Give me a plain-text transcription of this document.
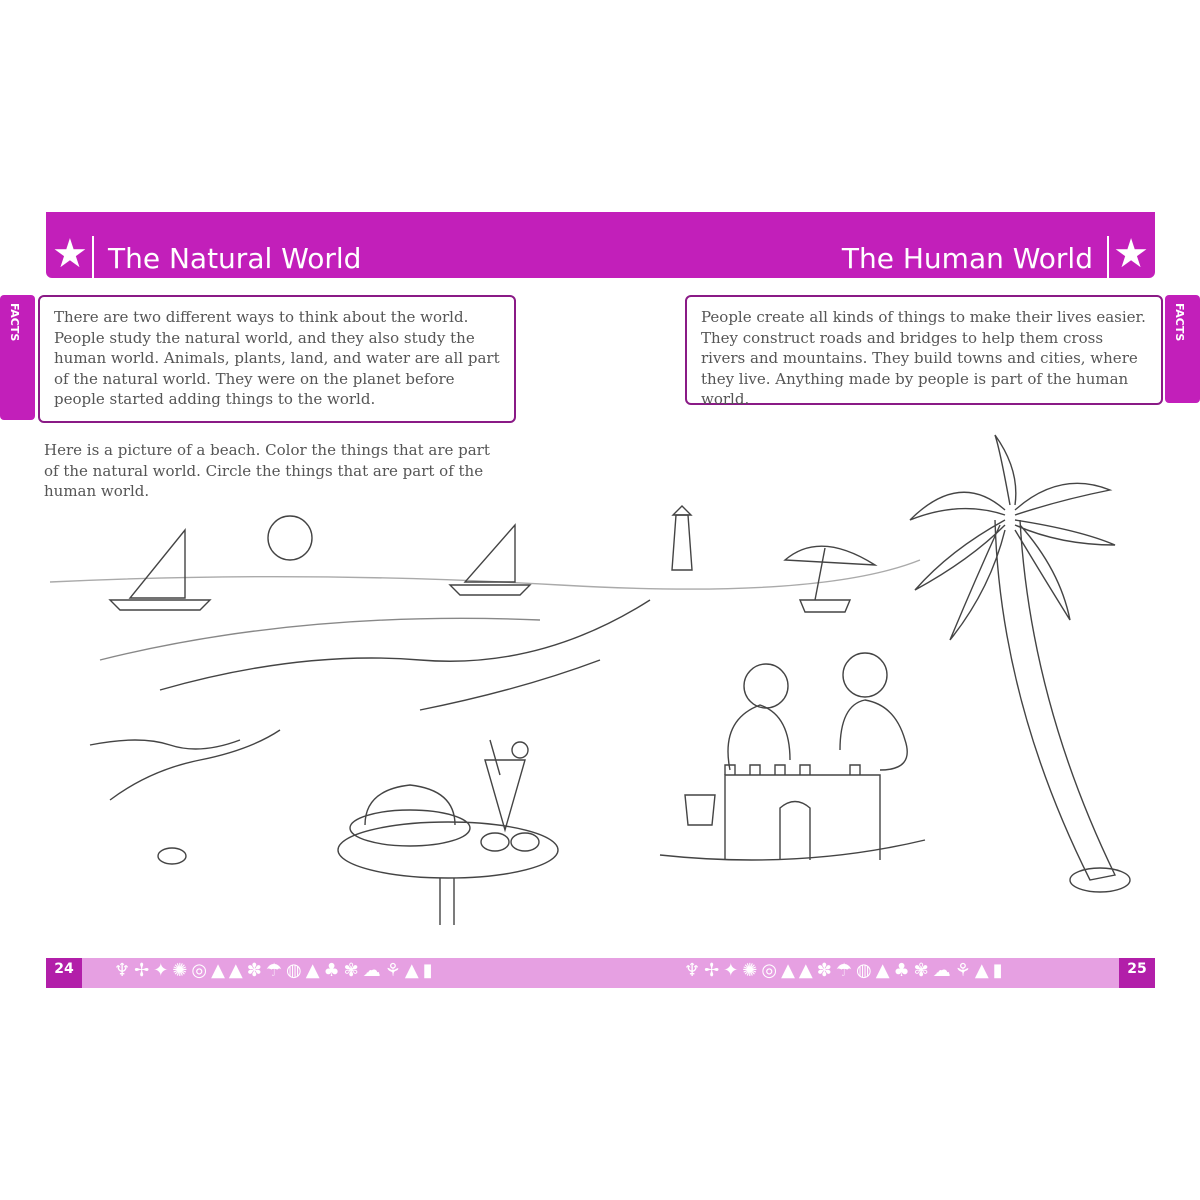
★ The Natural World	The Human World ★
FACTS	There are two different ways to think about the world. People study the natural world, and they also study the human world. Animals, plants, land, and water are all part of the natural world. They were on the planet before people started adding things to the world.
People create all kinds of things to make their lives easier. They construct roads and bridges to help them cross rivers and mountains. They build towns and cities, where they live. Anything made by people is part of the human world.
FACTS
Here is a picture of a beach. Color the things that are part of the natural world. Circle the things that are part of the human world.
24	♆✢✦✺◎▲▲✽☂◍▲♣✾☁⚘▲▮	♆✢✦✺◎▲▲✽☂◍▲♣✾☁⚘▲▮	25
